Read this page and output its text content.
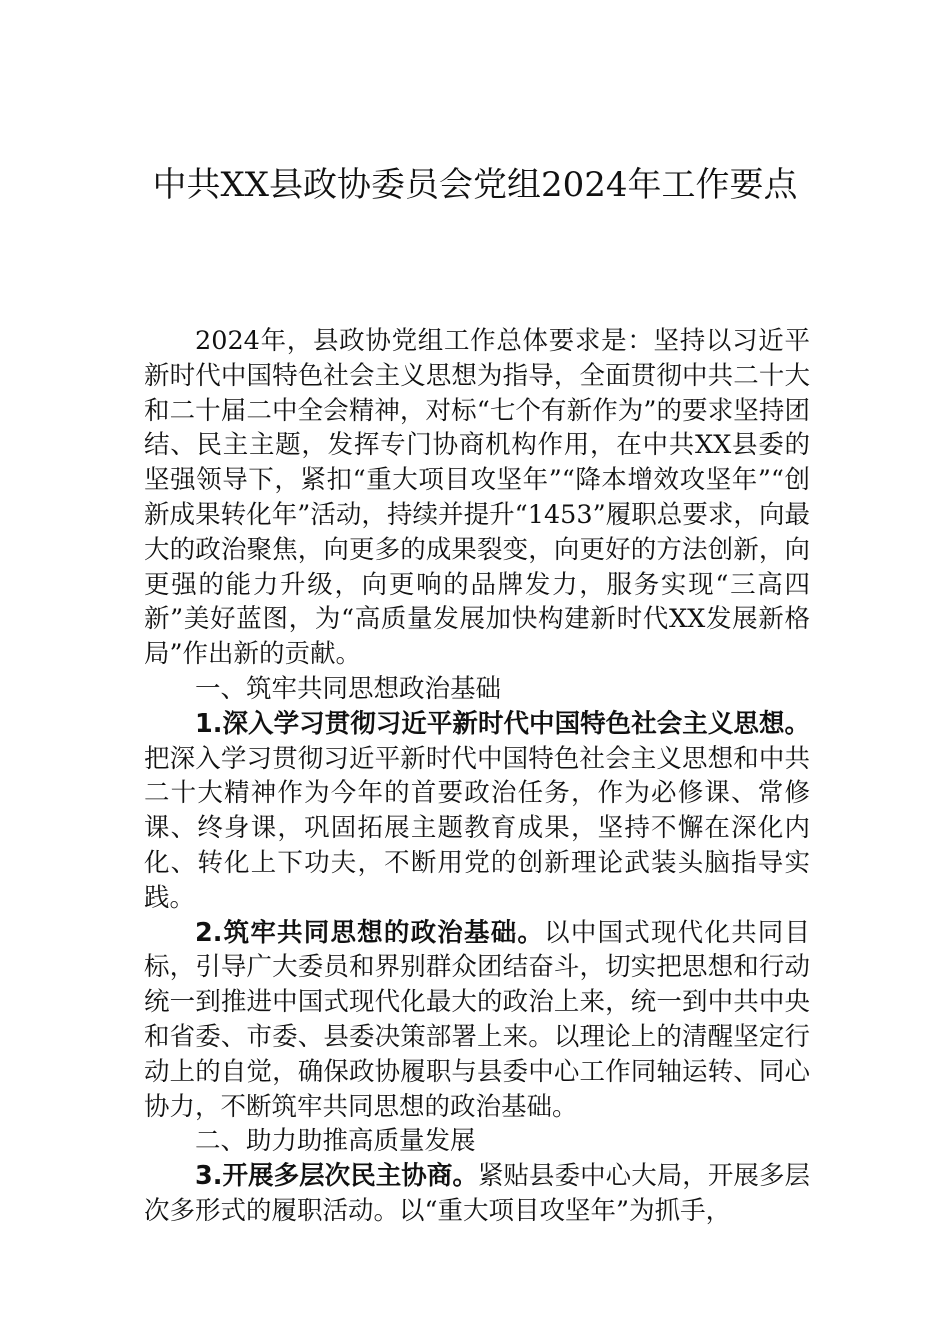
中共XX县政协委员会党组2024年工作要点

2024年，县政协党组工作总体要求是：坚持以习近平新时代中国特色社会主义思想为指导，全面贯彻中共二十大和二十届二中全会精神，对标“七个有新作为”的要求坚持团结、民主主题，发挥专门协商机构作用，在中共XX县委的坚强领导下，紧扣“重大项目攻坚年”“降本增效攻坚年”“创新成果转化年”活动，持续并提升“1453”履职总要求，向最大的政治聚焦，向更多的成果裂变，向更好的方法创新，向更强的能力升级，向更响的品牌发力，服务实现“三高四新”美好蓝图，为“高质量发展加快构建新时代XX发展新格局”作出新的贡献。

一、筑牢共同思想政治基础

1.深入学习贯彻习近平新时代中国特色社会主义思想。把深入学习贯彻习近平新时代中国特色社会主义思想和中共二十大精神作为今年的首要政治任务，作为必修课、常修课、终身课，巩固拓展主题教育成果，坚持不懈在深化内化、转化上下功夫，不断用党的创新理论武装头脑指导实践。

2.筑牢共同思想的政治基础。以中国式现代化共同目标，引导广大委员和界别群众团结奋斗，切实把思想和行动统一到推进中国式现代化最大的政治上来，统一到中共中央和省委、市委、县委决策部署上来。以理论上的清醒坚定行动上的自觉，确保政协履职与县委中心工作同轴运转、同心协力，不断筑牢共同思想的政治基础。

二、助力助推高质量发展

3.开展多层次民主协商。紧贴县委中心大局，开展多层次多形式的履职活动。以“重大项目攻坚年”为抓手，
